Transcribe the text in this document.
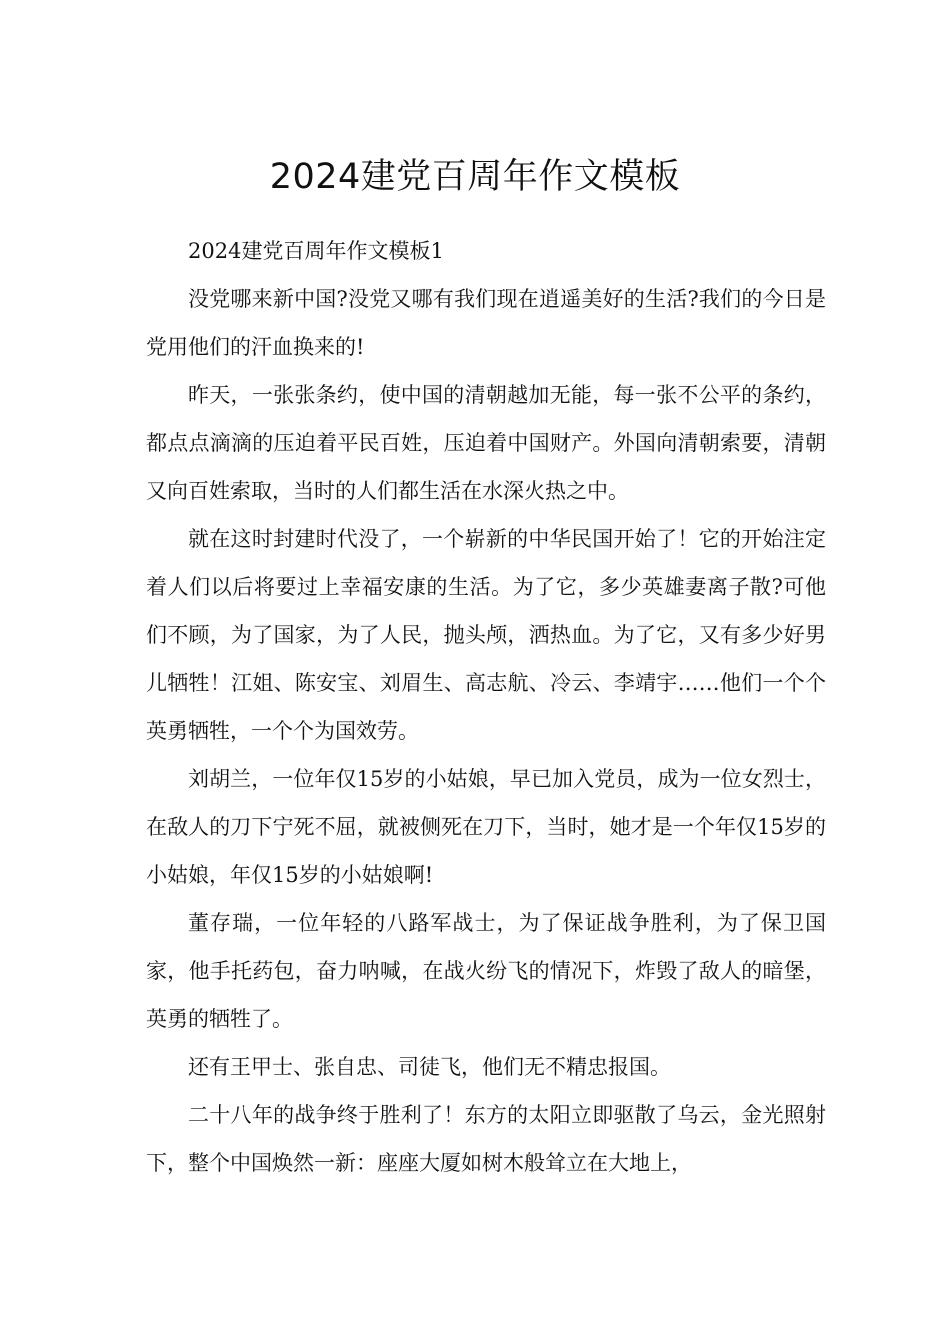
2024建党百周年作文模板

2024建党百周年作文模板1

没党哪来新中国?没党又哪有我们现在逍遥美好的生活?我们的今日是党用他们的汗血换来的!

昨天，一张张条约，使中国的清朝越加无能，每一张不公平的条约，都点点滴滴的压迫着平民百姓，压迫着中国财产。外国向清朝索要，清朝又向百姓索取，当时的人们都生活在水深火热之中。

就在这时封建时代没了，一个崭新的中华民国开始了！它的开始注定着人们以后将要过上幸福安康的生活。为了它，多少英雄妻离子散?可他们不顾，为了国家，为了人民，抛头颅，洒热血。为了它，又有多少好男儿牺牲！江姐、陈安宝、刘眉生、高志航、冷云、李靖宇……他们一个个英勇牺牲，一个个为国效劳。

刘胡兰，一位年仅15岁的小姑娘，早已加入党员，成为一位女烈士，在敌人的刀下宁死不屈，就被侧死在刀下，当时，她才是一个年仅15岁的小姑娘，年仅15岁的小姑娘啊!

董存瑞，一位年轻的八路军战士，为了保证战争胜利，为了保卫国家，他手托药包，奋力呐喊，在战火纷飞的情况下，炸毁了敌人的暗堡，英勇的牺牲了。

还有王甲士、张自忠、司徒飞，他们无不精忠报国。

二十八年的战争终于胜利了！东方的太阳立即驱散了乌云，金光照射下，整个中国焕然一新：座座大厦如树木般耸立在大地上，
